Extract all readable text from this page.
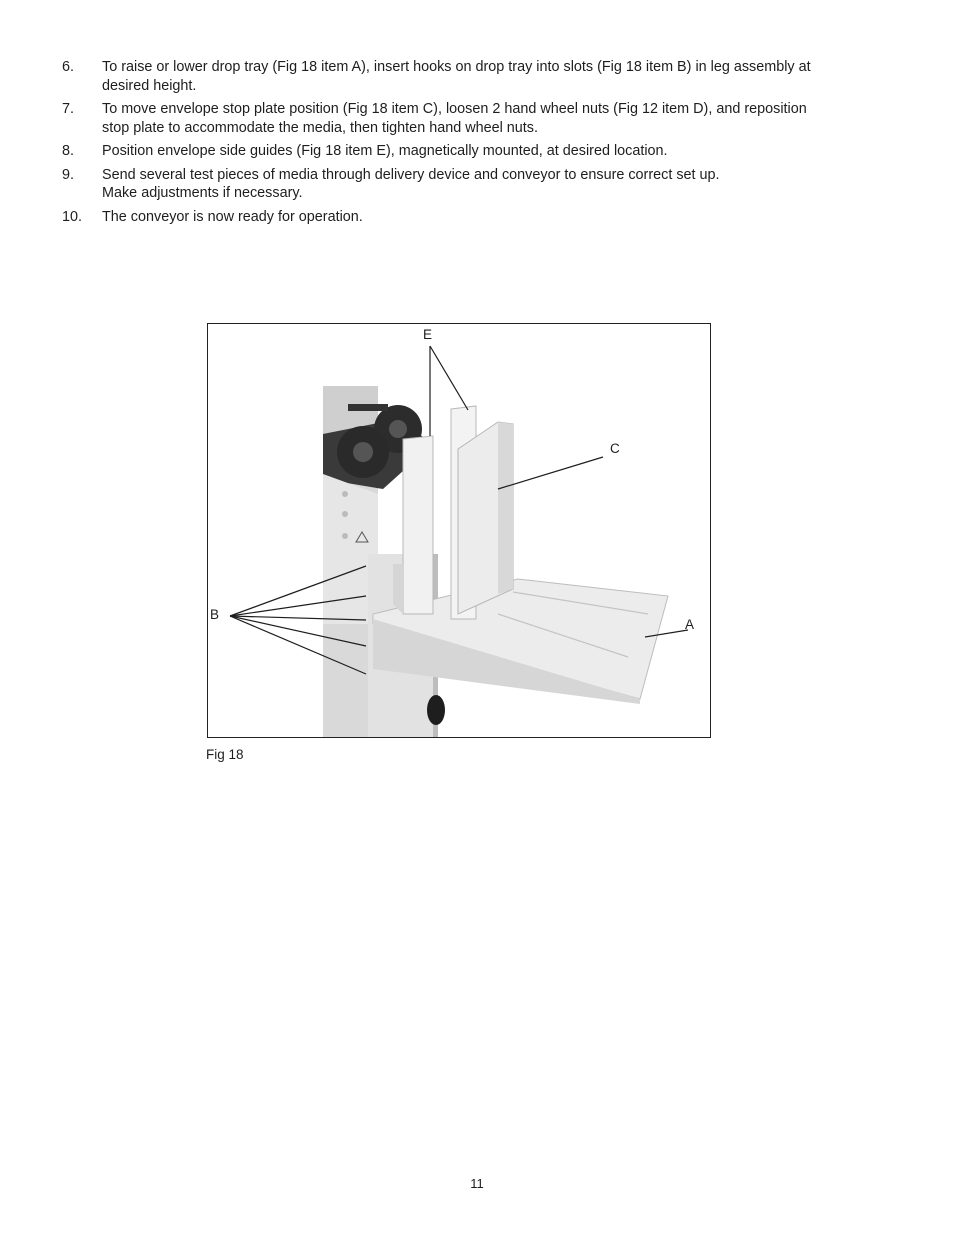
6.	To raise or lower drop tray (Fig 18 item A), insert hooks on drop tray into slots (Fig 18 item B) in leg assembly at
desired height.
7.	To move envelope stop plate position (Fig 18 item C), loosen 2 hand wheel nuts (Fig 12 item D), and reposition
stop plate to accommodate the media, then tighten hand wheel nuts.
8.	Position envelope side guides (Fig 18 item E), magnetically mounted, at desired location.
9.	Send several test pieces of media through delivery device and conveyor to ensure correct set up.
Make adjustments if necessary.
10.	The conveyor is now ready for operation.
E
C
B
A
Fig 18
11
